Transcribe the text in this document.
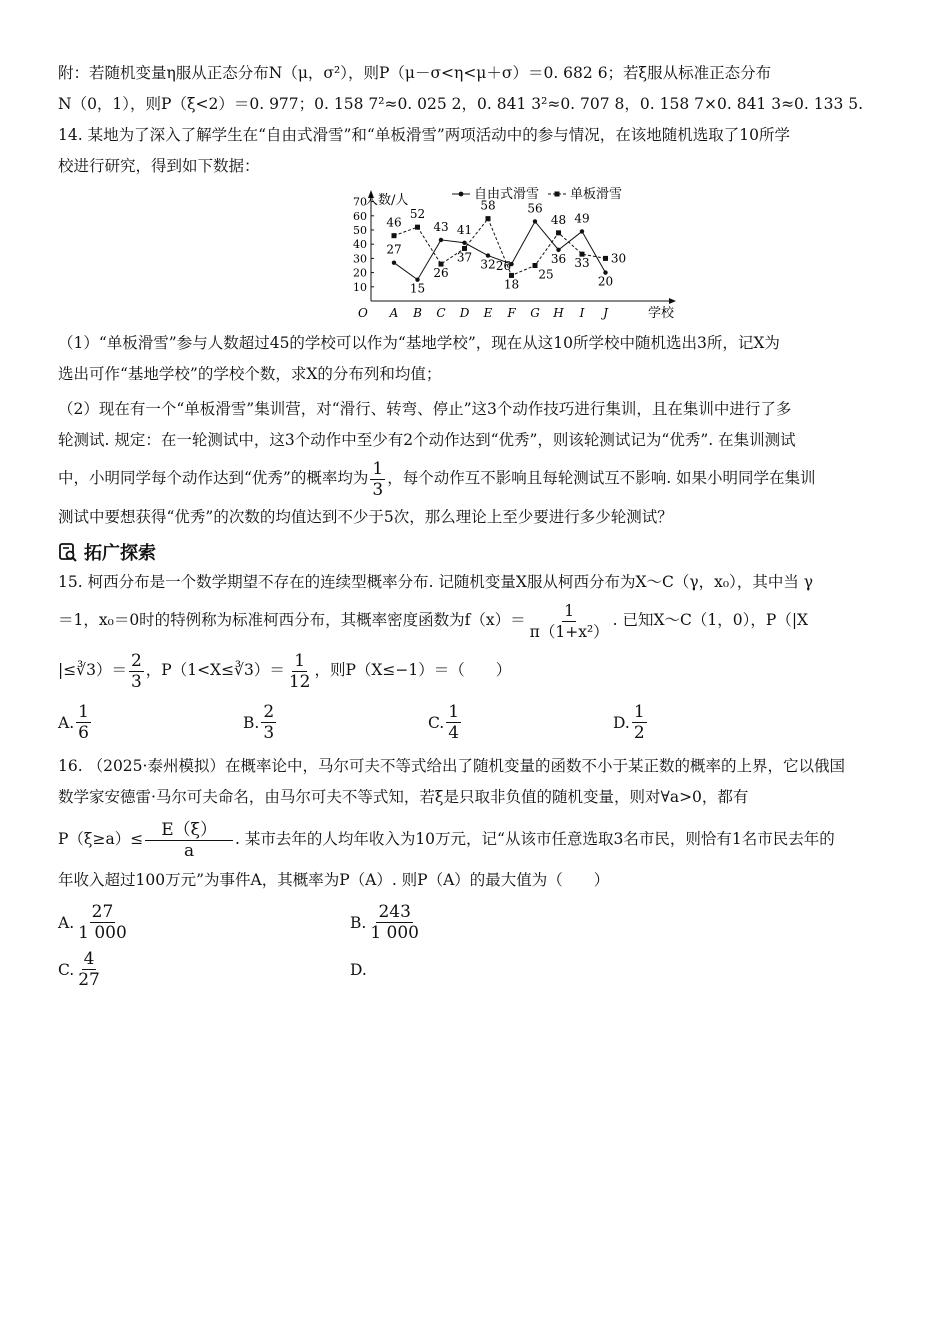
附：若随机变量η服从正态分布N（μ，σ²），则P（μ－σ<η<μ＋σ）＝0. 682 6；若ξ服从标准正态分布

N（0，1），则P（ξ<2）＝0. 977；0. 158 7²≈0. 025 2，0. 841 3²≈0. 707 8，0. 158 7×0. 841 3≈0. 133 5.

14. 某地为了深入了解学生在“自由式滑雪”和“单板滑雪”两项活动中的参与情况，在该地随机选取了10所学

校进行研究，得到如下数据：

人数/人
学校
O
10
20
30
40
50
60
70
A B C D E F G H I J
自由式滑雪 单板滑雪
27
15
43 41
32 26
56
36
49
20
46
52
26
37
58
18
25
48
33 30

（1）“单板滑雪”参与人数超过45的学校可以作为“基地学校”，现在从这10所学校中随机选出3所，记X为

选出可作“基地学校”的学校个数，求X的分布列和均值；

（2）现在有一个“单板滑雪”集训营，对“滑行、转弯、停止”这3个动作技巧进行集训，且在集训中进行了多

轮测试. 规定：在一轮测试中，这3个动作中至少有2个动作达到“优秀”，则该轮测试记为“优秀”. 在集训测试

中，小明同学每个动作达到“优秀”的概率均为 $\frac{1}{3}$ ，每个动作互不影响且每轮测试互不影响. 如果小明同学在集训

测试中要想获得“优秀”的次数的均值达到不少于5次，那么理论上至少要进行多少轮测试？

拓广探索

15. 柯西分布是一个数学期望不存在的连续型概率分布. 记随机变量X服从柯西分布为X～C（γ，x₀），其中当 γ

＝1，x₀＝0时的特例称为标准柯西分布，其概率密度函数为$f(x)= \frac{1}{\text{π（1+x²）}}$ . 已知X～C（1，0），P（|X

|≤∛3）＝ $\frac{2}{3}$ ，P（1<X≤∛3）＝ $\frac{1}{12}$ ，则P（X≤−1）＝（　　）

A. $\frac{1}{6}$	B. $\frac{2}{3}$	C. $\frac{1}{4}$	D. $\frac{1}{2}$

16. （2025·泰州模拟）在概率论中，马尔可夫不等式给出了随机变量的函数不小于某正数的概率的上界，它以俄国

数学家安德雷·马尔可夫命名，由马尔可夫不等式知，若ξ是只取非负值的随机变量，则对∀a>0，都有

$P(\xi\ge a)\le \frac{E(\xi)}{a}$ . 某市去年的人均年收入为10万元，记“从该市任意选取3名市民，则恰有1名市民去年的

年收入超过100万元”为事件A，其概率为P（A）. 则P（A）的最大值为（　　）

A. $\frac{27}{1 000}$	B. $\frac{243}{1 000}$
C. $\frac{4}{27}$	D.
